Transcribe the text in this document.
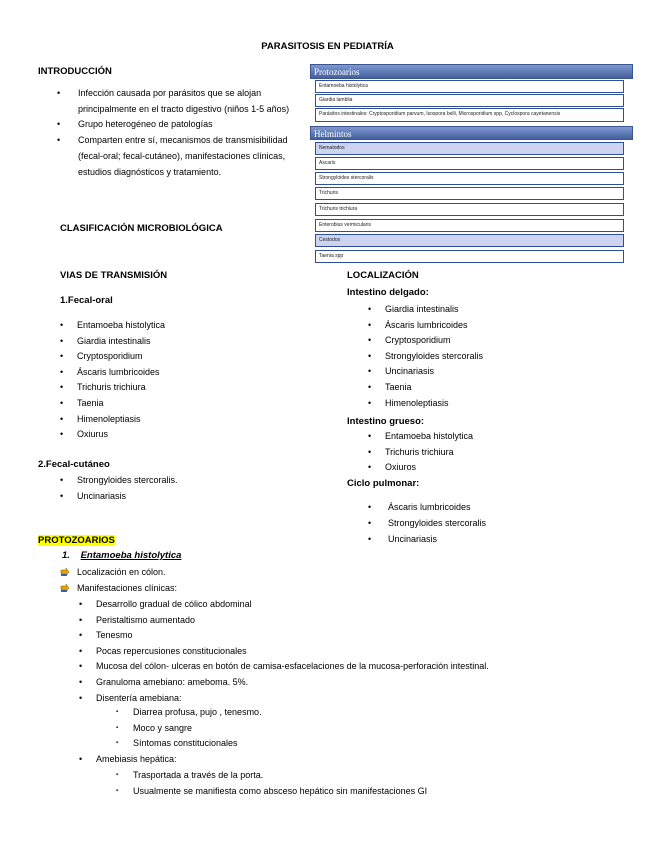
PARASITOSIS EN PEDIATRÍA
INTRODUCCIÓN
• Infección causada por parásitos que se alojan principalmente en el tracto digestivo (niños 1-5 años)
• Grupo heterogéneo de patologías
• Comparten entre sí, mecanismos de transmisibilidad (fecal-oral; fecal-cutáneo), manifestaciones clínicas, estudios diagnósticos y tratamiento.
CLASIFICACIÓN MICROBIOLÓGICA
Protozoarios
Entamoeba histolytica
Giardia lamblia
Parásitos intestinales: Cryptosporidium parvum, Isospora belli, Microsporidium spp, Cyclospora cayetanensis
Helmintos
Nematodos
Ascaris
Strongyloides stercoralis
Trichuris
Trichuris trichiura
Enterobius vermicularis
Cestodos
Taenia spp
VIAS DE TRANSMISIÓN
1.Fecal-oral
• Entamoeba histolytica
• Giardia intestinalis
• Cryptosporidium
• Áscaris lumbricoides
• Trichuris trichiura
• Taenia
• Himenoleptiasis
• Oxiurus
2.Fecal-cutáneo
• Strongyloides stercoralis.
• Uncinariasis
LOCALIZACIÓN
Intestino delgado:
• Giardia intestinalis
• Áscaris lumbricoides
• Cryptosporidium
• Strongyloides stercoralis
• Uncinariasis
• Taenia
• Himenoleptiasis
Intestino grueso:
• Entamoeba histolytica
• Trichuris trichiura
• Oxiuros
Ciclo pulmonar:
• Áscaris lumbricoides
• Strongyloides stercoralis
• Uncinariasis
PROTOZOARIOS
1. Entamoeba histolytica
Localización en cólon.
Manifestaciones clínicas:
• Desarrollo gradual de cólico abdominal
• Peristaltismo aumentado
• Tenesmo
• Pocas repercusiones constitucionales
• Mucosa del cólon- ulceras en botón de camisa-esfacelaciones de la mucosa-perforación intestinal.
• Granuloma amebiano: ameboma. 5%.
• Disentería amebiana:
▪ Diarrea profusa, pujo , tenesmo.
▪ Moco y sangre
▪ Síntomas constitucionales
• Amebiasis hepática:
▪ Trasportada a través de la porta.
▪ Usualmente se manifiesta como absceso hepático sin manifestaciones GI
